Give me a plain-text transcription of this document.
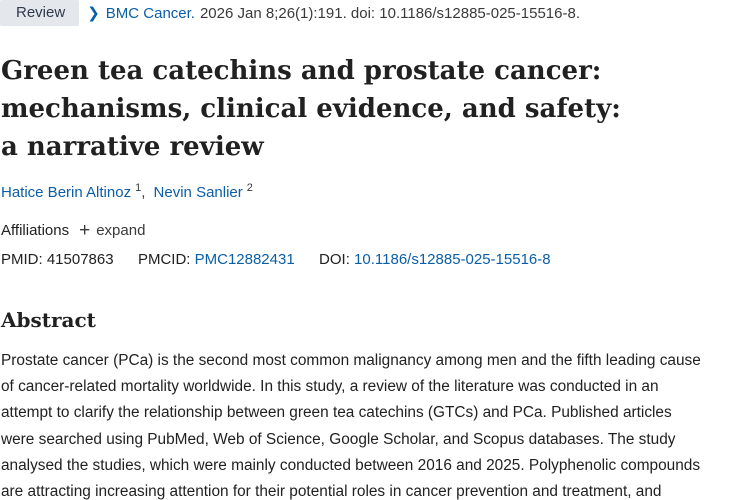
Review	❯ BMC Cancer. 2026 Jan 8;26(1):191. doi: 10.1186/s12885-025-15516-8.
Green tea catechins and prostate cancer: mechanisms, clinical evidence, and safety: a narrative review
Hatice Berin Altinoz $^1$, Nevin Sanlier $^2$
Affiliations + expand
PMID: 41507863 PMCID: PMC12882431 DOI: 10.1186/s12885-025-15516-8
Abstract
Prostate cancer (PCa) is the second most common malignancy among men and the fifth leading cause
of cancer-related mortality worldwide. In this study, a review of the literature was conducted in an
attempt to clarify the relationship between green tea catechins (GTCs) and PCa. Published articles
were searched using PubMed, Web of Science, Google Scholar, and Scopus databases. The study
analysed the studies, which were mainly conducted between 2016 and 2025. Polyphenolic compounds
are attracting increasing attention for their potential roles in cancer prevention and treatment, and
